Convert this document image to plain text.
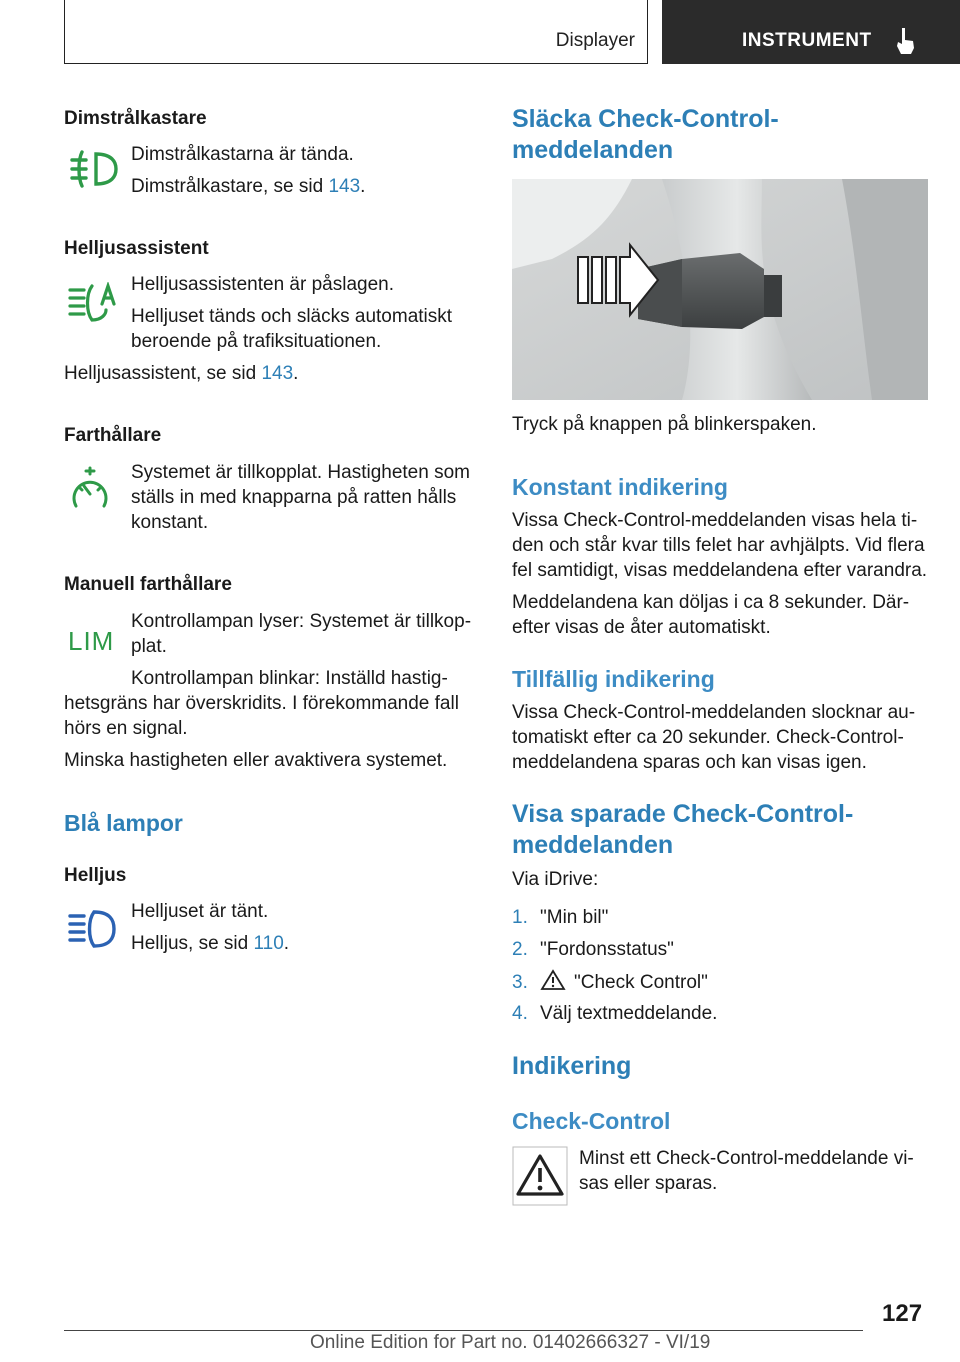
Displayer	INSTRUMENT
Dimstrålkastare
Dimstrålkastarna är tända.
Dimstrålkastare, se sid 143.
Helljusassistent
Helljusassistenten är påslagen.
Helljuset tänds och släcks automatiskt
beroende på trafiksituationen.
Helljusassistent, se sid 143.
Farthållare
Systemet är tillkopplat. Hastigheten som
ställs in med knapparna på ratten hålls
konstant.
Manuell farthållare
LIM
Kontrollampan lyser: Systemet är tillkop-
plat.
Kontrollampan blinkar: Inställd hastig-
hetsgräns har överskridits. I förekommande fall
hörs en signal.
Minska hastigheten eller avaktivera systemet.
Blå lampor
Helljus
Helljuset är tänt.
Helljus, se sid 110.
Släcka Check-Control-
meddelanden
Tryck på knappen på blinkerspaken.
Konstant indikering
Vissa Check-Control-meddelanden visas hela ti-
den och står kvar tills felet har avhjälpts. Vid flera
fel samtidigt, visas meddelandena efter varandra.
Meddelandena kan döljas i ca 8 sekunder. Där-
efter visas de åter automatiskt.
Tillfällig indikering
Vissa Check-Control-meddelanden slocknar au-
tomatiskt efter ca 20 sekunder. Check-Control-
meddelandena sparas och kan visas igen.
Visa sparade Check-Control-
meddelanden
Via iDrive:
1. "Min bil"
2. "Fordonsstatus"
3. "Check Control"
4. Välj textmeddelande.
Indikering
Check-Control
Minst ett Check-Control-meddelande vi-
sas eller sparas.
127
Online Edition for Part no. 01402666327 - VI/19
